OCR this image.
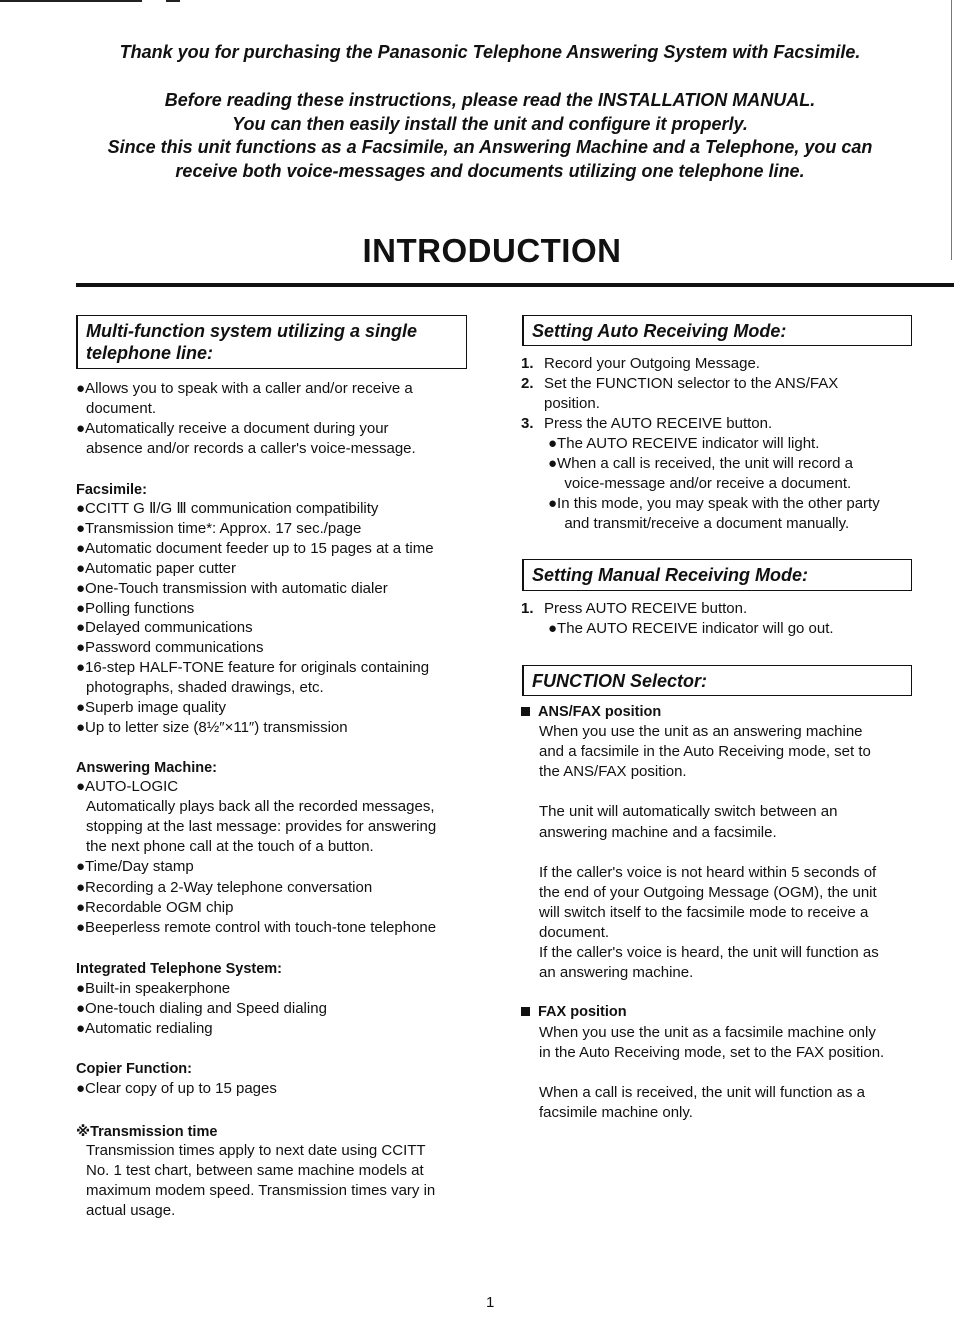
Thank you for purchasing the Panasonic Telephone Answering System with Facsimile.
Before reading these instructions, please read the INSTALLATION MANUAL.
You can then easily install the unit and configure it properly.
Since this unit functions as a Facsimile, an Answering Machine and a Telephone, you can
receive both voice-messages and documents utilizing one telephone line.
INTRODUCTION
Multi-function system utilizing a single
telephone line:
●Allows you to speak with a caller and/or receive a
document.
●Automatically receive a document during your
absence and/or records a caller's voice-message.
Facsimile:
●CCITT G Ⅱ/G Ⅲ communication compatibility
●Transmission time*: Approx. 17 sec./page
●Automatic document feeder up to 15 pages at a time
●Automatic paper cutter
●One-Touch transmission with automatic dialer
●Polling functions
●Delayed communications
●Password communications
●16-step HALF-TONE feature for originals containing
photographs, shaded drawings, etc.
●Superb image quality
●Up to letter size (8½″×11″) transmission
Answering Machine:
●AUTO-LOGIC
Automatically plays back all the recorded messages,
stopping at the last message: provides for answering
the next phone call at the touch of a button.
●Time/Day stamp
●Recording a 2-Way telephone conversation
●Recordable OGM chip
●Beeperless remote control with touch-tone telephone
Integrated Telephone System:
●Built-in speakerphone
●One-touch dialing and Speed dialing
●Automatic redialing
Copier Function:
●Clear copy of up to 15 pages
※Transmission time
Transmission times apply to next date using CCITT
No. 1 test chart, between same machine models at
maximum modem speed. Transmission times vary in
actual usage.
Setting Auto Receiving Mode:
Setting Manual Receiving Mode:
FUNCTION Selector:
1. Record your Outgoing Message.
2. Set the FUNCTION selector to the ANS/FAX
position.
3. Press the AUTO RECEIVE button.
●The AUTO RECEIVE indicator will light.
●When a call is received, the unit will record a
voice-message and/or receive a document.
●In this mode, you may speak with the other party
and transmit/receive a document manually.
1. Press AUTO RECEIVE button.
●The AUTO RECEIVE indicator will go out.
ANS/FAX position
When you use the unit as an answering machine
and a facsimile in the Auto Receiving mode, set to
the ANS/FAX position.
The unit will automatically switch between an
answering machine and a facsimile.
If the caller's voice is not heard within 5 seconds of
the end of your Outgoing Message (OGM), the unit
will switch itself to the facsimile mode to receive a
document.
If the caller's voice is heard, the unit will function as
an answering machine.
FAX position
When you use the unit as a facsimile machine only
in the Auto Receiving mode, set to the FAX position.
When a call is received, the unit will function as a
facsimile machine only.
1
